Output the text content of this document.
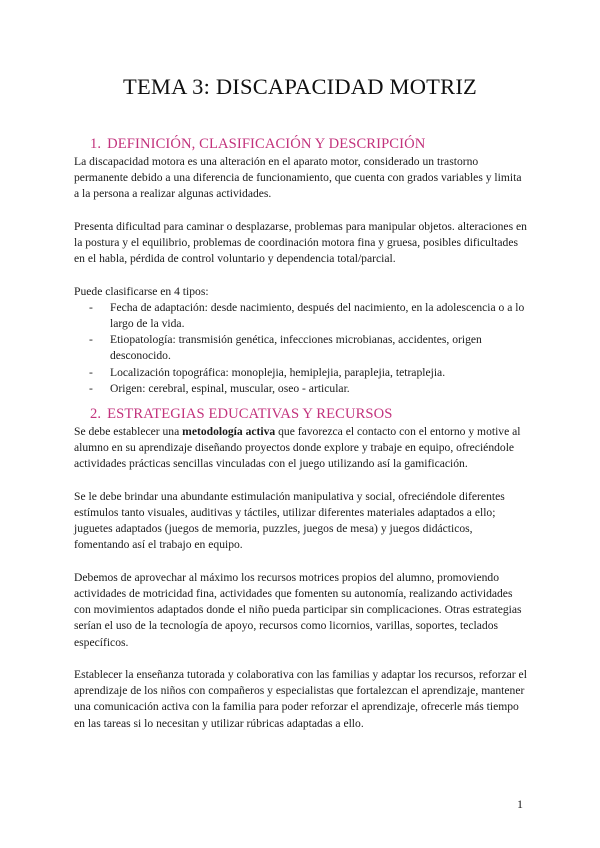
TEMA 3: DISCAPACIDAD MOTRIZ
1. DEFINICIÓN, CLASIFICACIÓN Y DESCRIPCIÓN

La discapacidad motora es una alteración en el aparato motor, considerado un trastorno permanente debido a una diferencia de funcionamiento, que cuenta con grados variables y limita a la persona a realizar algunas actividades.

Presenta dificultad para caminar o desplazarse, problemas para manipular objetos. alteraciones en la postura y el equilibrio, problemas de coordinación motora fina y gruesa, posibles dificultades en el habla, pérdida de control voluntario y dependencia total/parcial.

Puede clasificarse en 4 tipos:

- Fecha de adaptación: desde nacimiento, después del nacimiento, en la adolescencia o a lo largo de la vida.
- Etiopatología: transmisión genética, infecciones microbianas, accidentes, origen desconocido.
- Localización topográfica: monoplejia, hemiplejia, paraplejia, tetraplejia.
- Origen: cerebral, espinal, muscular, oseo - articular.
2. ESTRATEGIAS EDUCATIVAS Y RECURSOS

Se debe establecer una metodología activa que favorezca el contacto con el entorno y motive al alumno en su aprendizaje diseñando proyectos donde explore y trabaje en equipo, ofreciéndole actividades prácticas sencillas vinculadas con el juego utilizando así la gamificación.

Se le debe brindar una abundante estimulación manipulativa y social, ofreciéndole diferentes estímulos tanto visuales, auditivas y táctiles, utilizar diferentes materiales adaptados a ello; juguetes adaptados (juegos de memoria, puzzles, juegos de mesa) y juegos didácticos, fomentando así el trabajo en equipo.

Debemos de aprovechar al máximo los recursos motrices propios del alumno, promoviendo actividades de motricidad fina, actividades que fomenten su autonomía, realizando actividades con movimientos adaptados donde el niño pueda participar sin complicaciones. Otras estrategias serían el uso de la tecnología de apoyo, recursos como licornios, varillas, soportes, teclados específicos.

Establecer la enseñanza tutorada y colaborativa con las familias y adaptar los recursos, reforzar el aprendizaje de los niños con compañeros y especialistas que fortalezcan el aprendizaje, mantener una comunicación activa con la familia para poder reforzar el aprendizaje, ofrecerle más tiempo en las tareas si lo necesitan y utilizar rúbricas adaptadas a ello.

1
